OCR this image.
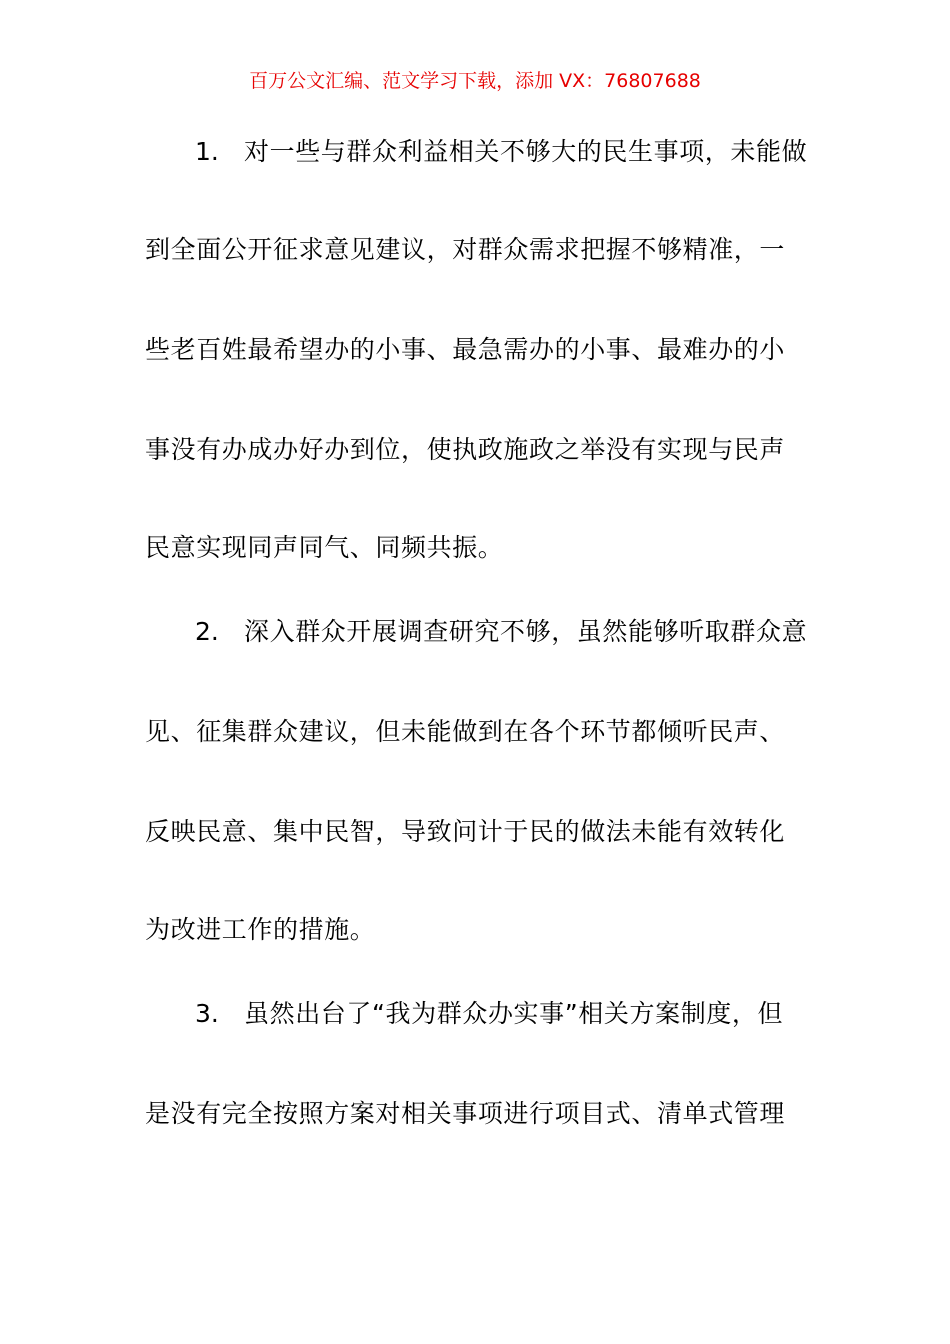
百万公文汇编、范文学习下载，添加 VX：76807688
1. 对一些与群众利益相关不够大的民生事项，未能做
到全面公开征求意见建议，对群众需求把握不够精准，一
些老百姓最希望办的小事、最急需办的小事、最难办的小
事没有办成办好办到位，使执政施政之举没有实现与民声
民意实现同声同气、同频共振。
2. 深入群众开展调查研究不够，虽然能够听取群众意
见、征集群众建议，但未能做到在各个环节都倾听民声、
反映民意、集中民智，导致问计于民的做法未能有效转化
为改进工作的措施。
3. 虽然出台了“我为群众办实事”相关方案制度，但
是没有完全按照方案对相关事项进行项目式、清单式管理
